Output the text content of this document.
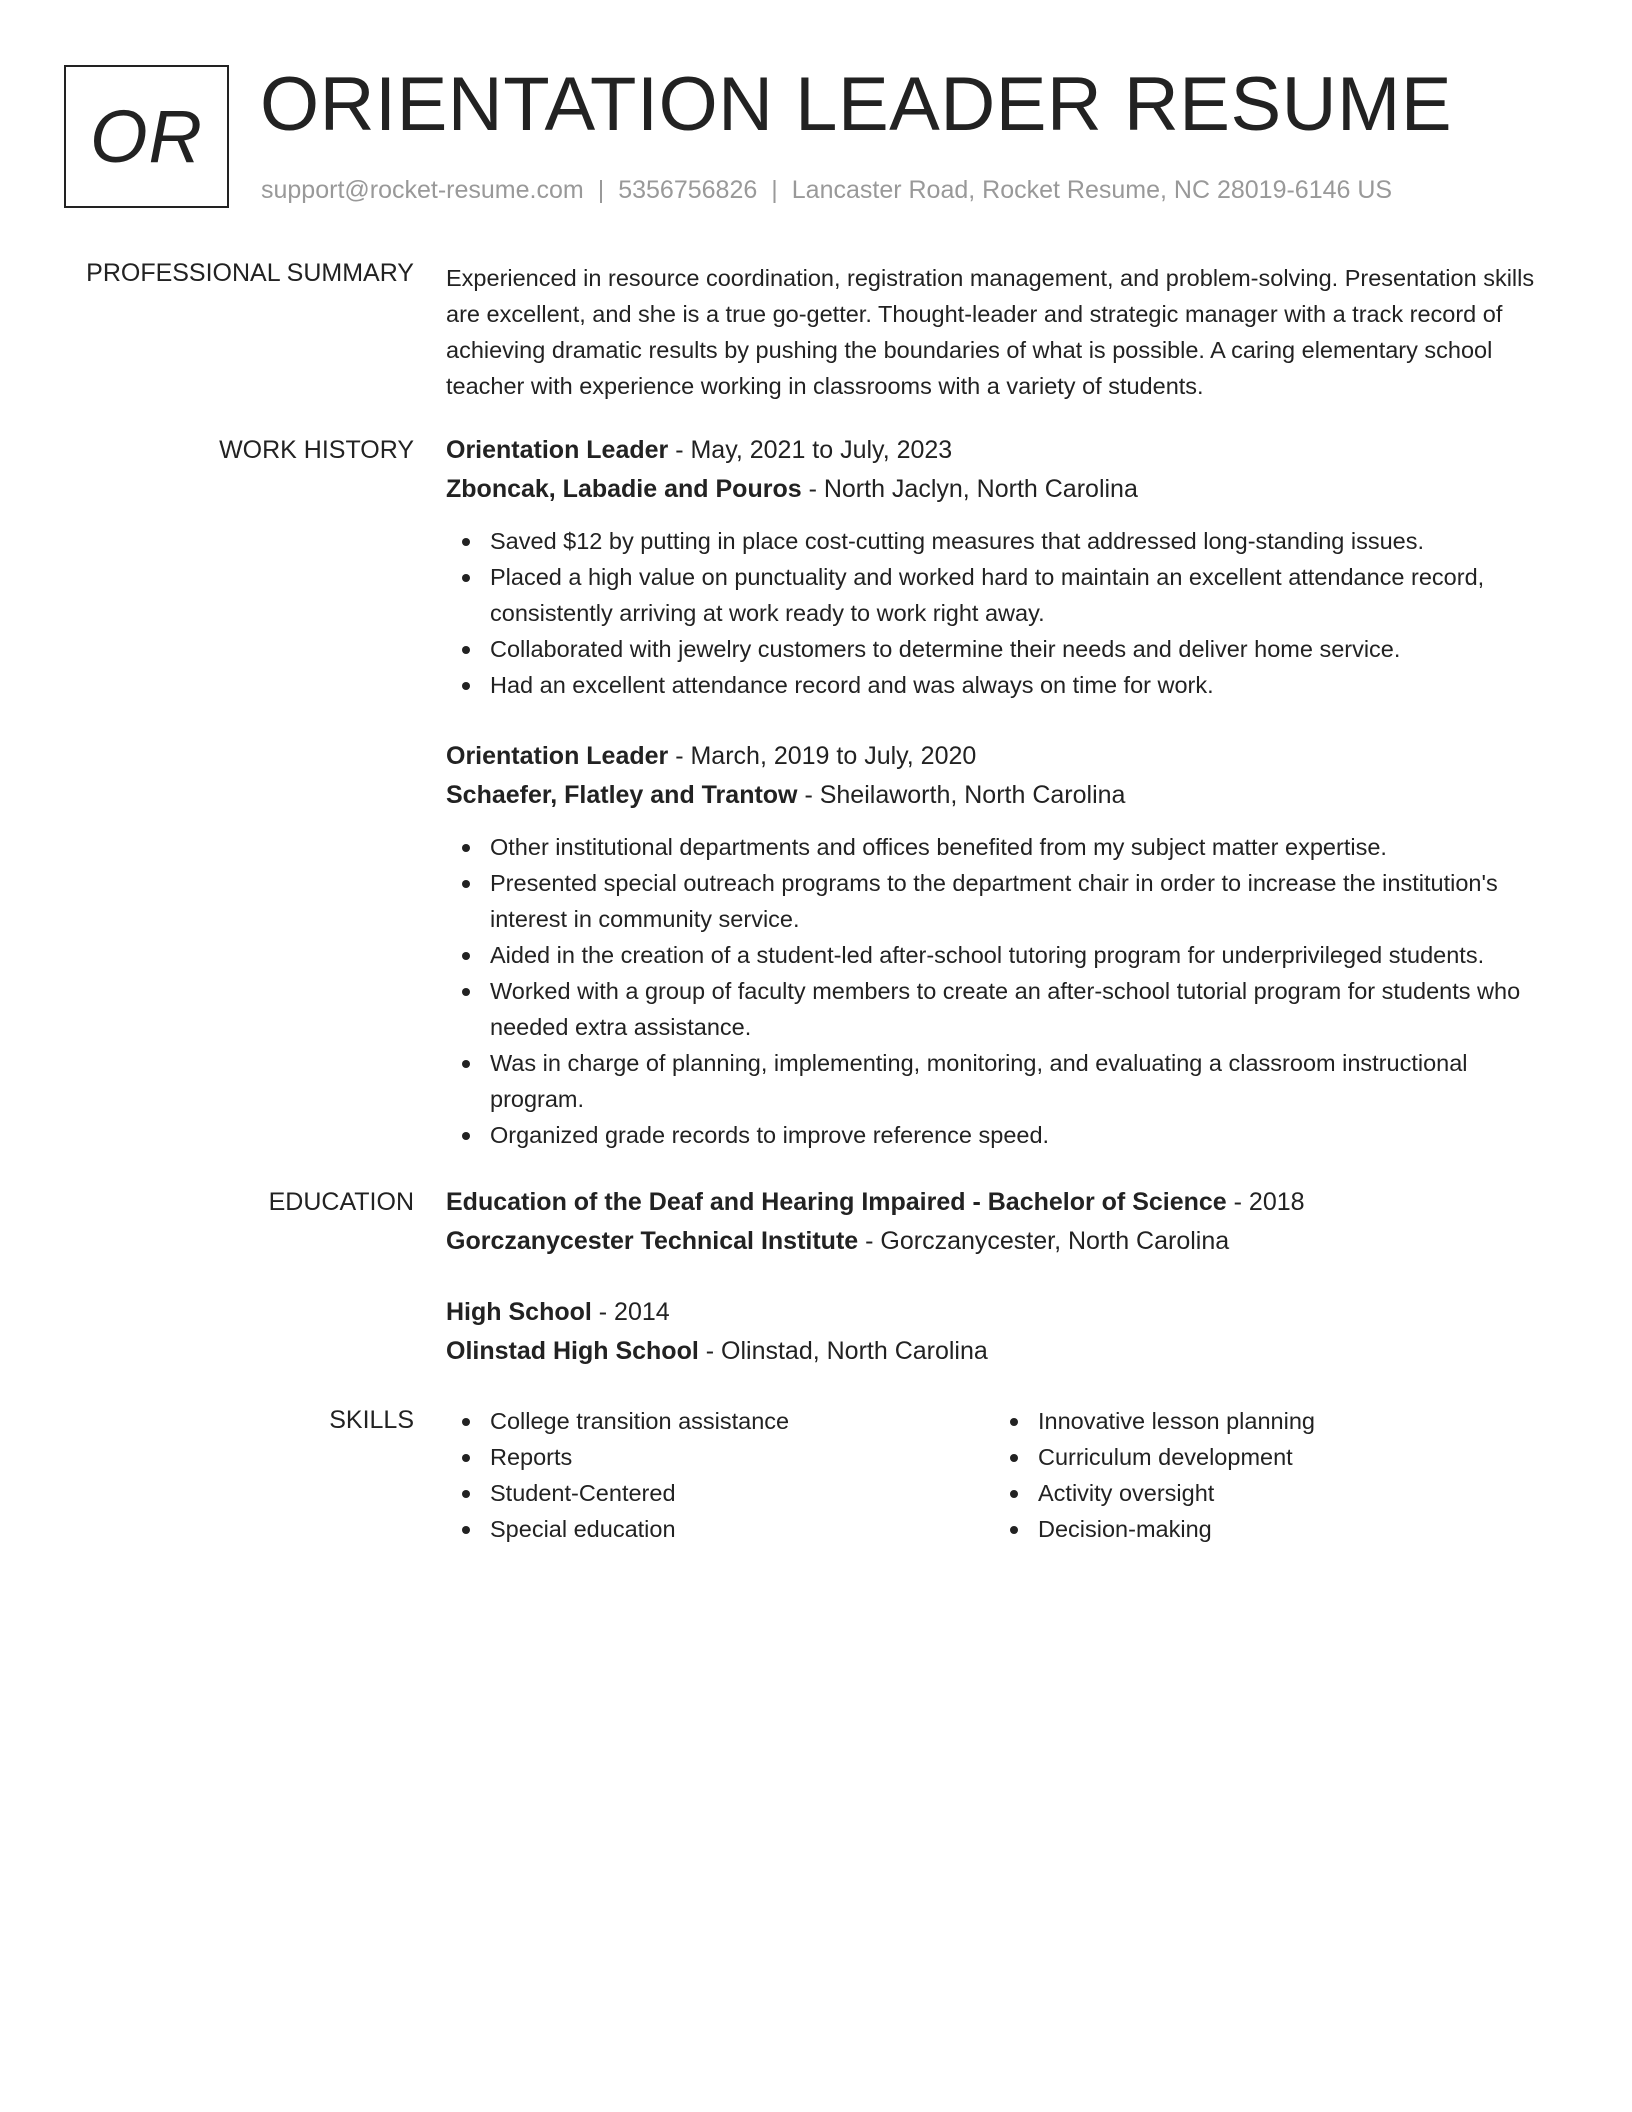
OR ORIENTATION LEADER RESUME
support@rocket-resume.com | 5356756826 | Lancaster Road, Rocket Resume, NC 28019-6146 US
PROFESSIONAL SUMMARY Experienced in resource coordination, registration management, and problem-solving. Presentation skills are excellent, and she is a true go-getter. Thought-leader and strategic manager with a track record of achieving dramatic results by pushing the boundaries of what is possible. A caring elementary school teacher with experience working in classrooms with a variety of students.
WORK HISTORY Orientation Leader - May, 2021 to July, 2023
Zboncak, Labadie and Pouros - North Jaclyn, North Carolina
Saved $12 by putting in place cost-cutting measures that addressed long-standing issues.
Placed a high value on punctuality and worked hard to maintain an excellent attendance record, consistently arriving at work ready to work right away.
Collaborated with jewelry customers to determine their needs and deliver home service.
Had an excellent attendance record and was always on time for work.
Orientation Leader - March, 2019 to July, 2020
Schaefer, Flatley and Trantow - Sheilaworth, North Carolina
Other institutional departments and offices benefited from my subject matter expertise.
Presented special outreach programs to the department chair in order to increase the institution's interest in community service.
Aided in the creation of a student-led after-school tutoring program for underprivileged students.
Worked with a group of faculty members to create an after-school tutorial program for students who needed extra assistance.
Was in charge of planning, implementing, monitoring, and evaluating a classroom instructional program.
Organized grade records to improve reference speed.
EDUCATION Education of the Deaf and Hearing Impaired - Bachelor of Science - 2018
Gorczanycester Technical Institute - Gorczanycester, North Carolina
High School - 2014
Olinstad High School - Olinstad, North Carolina
SKILLS	College transition assistance
Reports
Student-Centered
Special education
Innovative lesson planning
Curriculum development
Activity oversight
Decision-making
